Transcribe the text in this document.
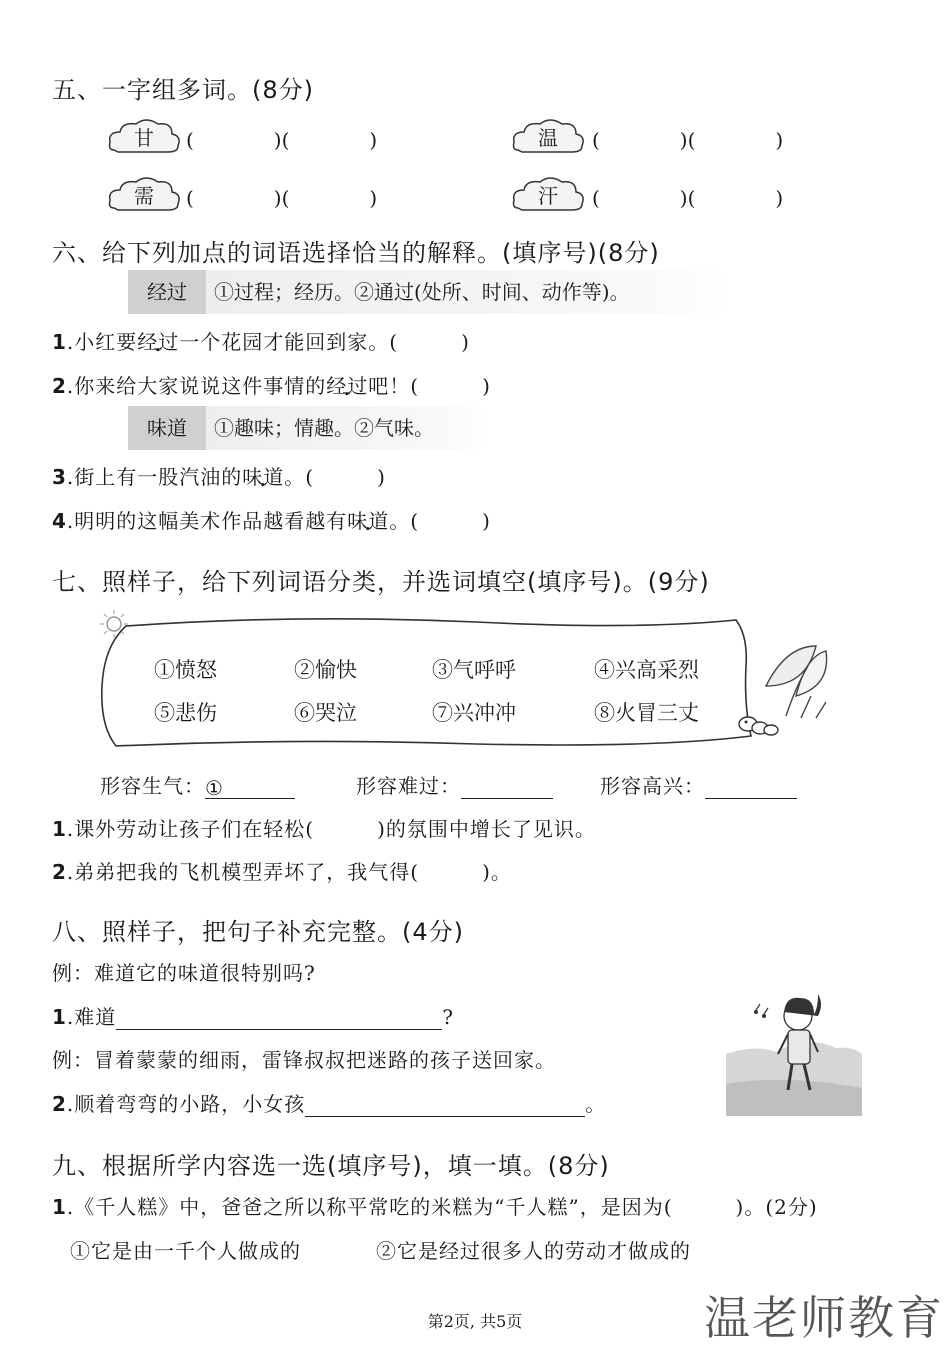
五、一字组多词。(8分)
甘	(　　　　)(　　　　)	温	(　　　　)(　　　　)
需	(　　　　)(　　　　)	汗	(　　　　)(　　　　)
六、给下列加点的词语选择恰当的解释。(填序号)(8分)
经过	①过程；经历。②通过(处所、时间、动作等)。
1.小红要经过一个花园才能回到家。(　　　)
2.你来给大家说说这件事情的经过吧！(　　　)
味道	①趣味；情趣。②气味。
3.街上有一股汽油的味道。(　　　)
4.明明的这幅美术作品越看越有味道。(　　　)
七、照样子，给下列词语分类，并选词填空(填序号)。(9分)
①愤怒	②愉快	③气呼呼	④兴高采烈
⑤悲伤	⑥哭泣	⑦兴冲冲	⑧火冒三丈
形容生气：①	形容难过：	形容高兴：
1.课外劳动让孩子们在轻松(　　　)的氛围中增长了见识。
2.弟弟把我的飞机模型弄坏了，我气得(　　　)。
八、照样子，把句子补充完整。(4分)
例：难道它的味道很特别吗?
1.难道	?
例：冒着蒙蒙的细雨，雷锋叔叔把迷路的孩子送回家。
2.顺着弯弯的小路，小女孩	。
九、根据所学内容选一选(填序号)，填一填。(8分)
1.《千人糕》中，爸爸之所以称平常吃的米糕为“千人糕”，是因为(　　　)。(2分)
①它是由一千个人做成的	②它是经过很多人的劳动才做成的
第2页, 共5页	温老师教育
